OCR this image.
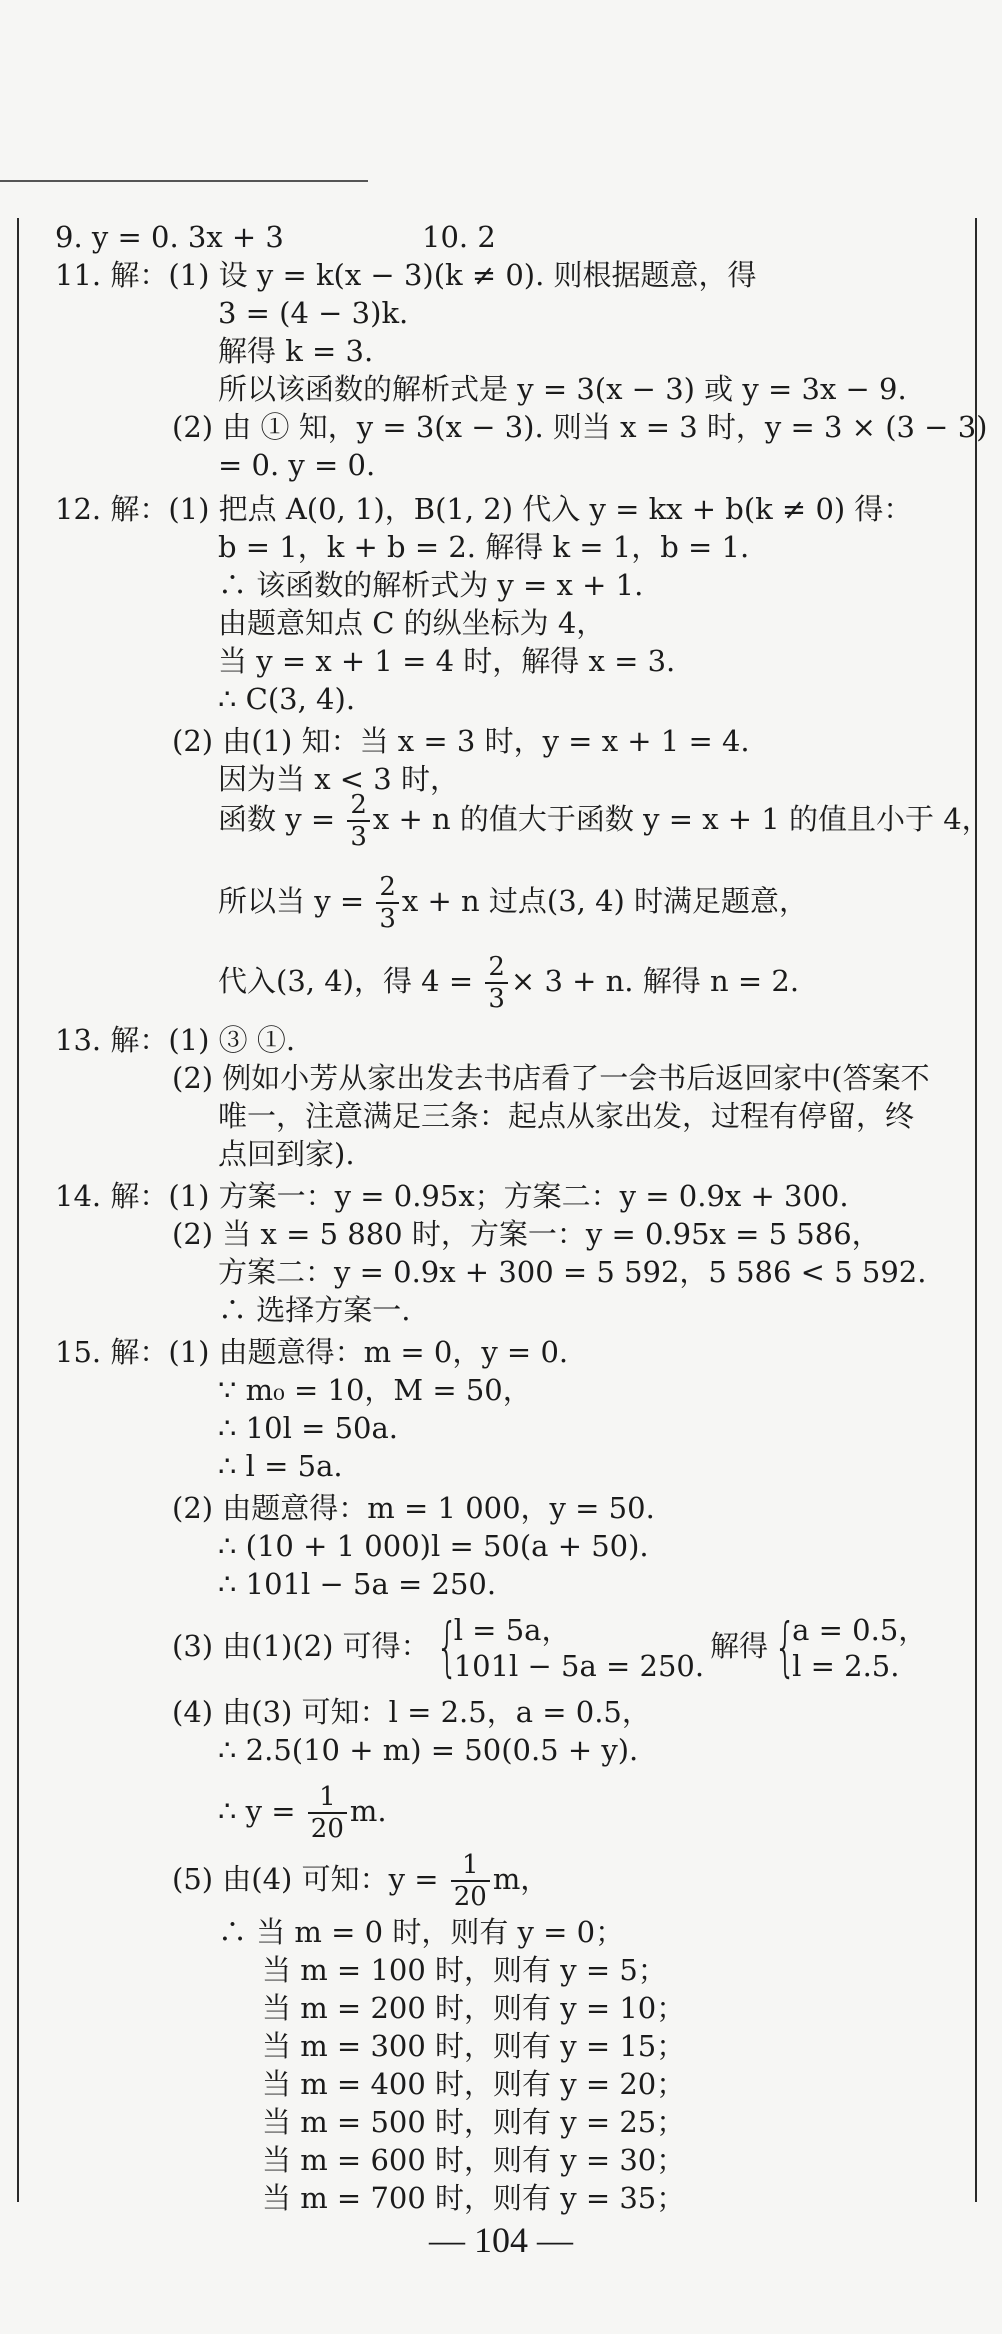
函数 $y = \frac{2}{3}$ x + n 的值大于函数 y = x + 1 的值且小于 4，
所以当 $y = \frac{2}{3}$ x + n 过点(3, 4) 时满足题意，
代入(3, 4)，得 $4 = \frac{2}{3} \times 3 + n$. 解得 n = 2.
(3) 由(1)(2) 可得： {
l = 5a，
101l − 5a = 250.
解得 {
a = 0.5，
l = 2.5.
∴ $y = \frac{1}{20} m$.
(5) 由(4) 可知：$y = \frac{1}{20}$ m，
9. y = 0. 3x + 3	10. 2
11. 解：(1) 设 y = k(x − 3)(k ≠ 0). 则根据题意，得
3 = (4 − 3)k.
解得 k = 3.
所以该函数的解析式是 y = 3(x − 3) 或 y = 3x − 9.
(2) 由 ① 知，y = 3(x − 3). 则当 x = 3 时，y = 3 × (3 − 3)
= 0. y = 0.
12. 解：(1) 把点 A(0, 1)，B(1, 2) 代入 y = kx + b(k ≠ 0) 得：
b = 1，k + b = 2. 解得 k = 1，b = 1.
∴ 该函数的解析式为 y = x + 1.
由题意知点 C 的纵坐标为 4，
当 y = x + 1 = 4 时，解得 x = 3.
∴ C(3, 4).
(2) 由(1) 知：当 x = 3 时，y = x + 1 = 4.
因为当 x < 3 时，
13. 解：(1) ③ ①.
(2) 例如小芳从家出发去书店看了一会书后返回家中(答案不
唯一，注意满足三条：起点从家出发，过程有停留，终
点回到家).
14. 解：(1) 方案一：y = 0.95x；方案二：y = 0.9x + 300.
(2) 当 x = 5 880 时，方案一：y = 0.95x = 5 586，
方案二：y = 0.9x + 300 = 5 592，5 586 < 5 592.
∴ 选择方案一.
15. 解：(1) 由题意得：m = 0，y = 0.
∵ m₀ = 10，M = 50，
∴ 10l = 50a.
∴ l = 5a.
(2) 由题意得：m = 1 000，y = 50.
∴ (10 + 1 000)l = 50(a + 50).
∴ 101l − 5a = 250.
(4) 由(3) 可知：l = 2.5，a = 0.5，
∴ 2.5(10 + m) = 50(0.5 + y).
∴ 当 m = 0 时，则有 y = 0；
当 m = 100 时，则有 y = 5；
当 m = 200 时，则有 y = 10；
当 m = 300 时，则有 y = 15；
当 m = 400 时，则有 y = 20；
当 m = 500 时，则有 y = 25；
当 m = 600 时，则有 y = 30；
当 m = 700 时，则有 y = 35；
— 104 —
